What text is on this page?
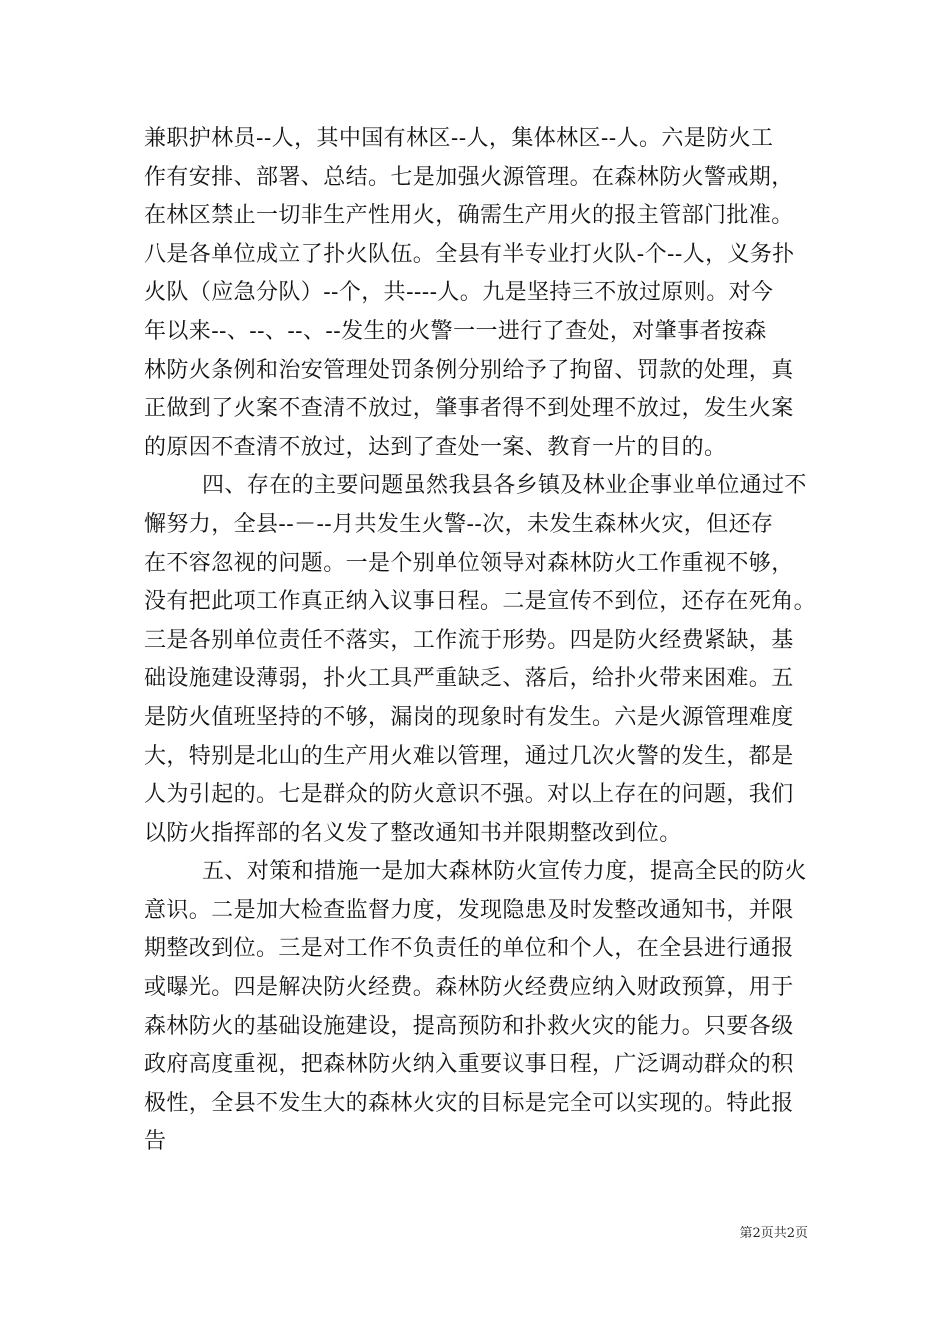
兼职护林员--人，其中国有林区--人，集体林区--人。六是防火工
作有安排、部署、总结。七是加强火源管理。在森林防火警戒期，
在林区禁止一切非生产性用火，确需生产用火的报主管部门批准。
八是各单位成立了扑火队伍。全县有半专业打火队-个--人，义务扑
火队（应急分队）--个，共----人。九是坚持三不放过原则。对今
年以来--、--、--、--发生的火警一一进行了查处，对肇事者按森
林防火条例和治安管理处罚条例分别给予了拘留、罚款的处理，真
正做到了火案不查清不放过，肇事者得不到处理不放过，发生火案
的原因不查清不放过，达到了查处一案、教育一片的目的。
四、存在的主要问题虽然我县各乡镇及林业企事业单位通过不
懈努力，全县--－--月共发生火警--次，未发生森林火灾，但还存
在不容忽视的问题。一是个别单位领导对森林防火工作重视不够，
没有把此项工作真正纳入议事日程。二是宣传不到位，还存在死角。
三是各别单位责任不落实，工作流于形势。四是防火经费紧缺，基
础设施建设薄弱，扑火工具严重缺乏、落后，给扑火带来困难。五
是防火值班坚持的不够，漏岗的现象时有发生。六是火源管理难度
大，特别是北山的生产用火难以管理，通过几次火警的发生，都是
人为引起的。七是群众的防火意识不强。对以上存在的问题，我们
以防火指挥部的名义发了整改通知书并限期整改到位。
五、对策和措施一是加大森林防火宣传力度，提高全民的防火
意识。二是加大检查监督力度，发现隐患及时发整改通知书，并限
期整改到位。三是对工作不负责任的单位和个人，在全县进行通报
或曝光。四是解决防火经费。森林防火经费应纳入财政预算，用于
森林防火的基础设施建设，提高预防和扑救火灾的能力。只要各级
政府高度重视，把森林防火纳入重要议事日程，广泛调动群众的积
极性，全县不发生大的森林火灾的目标是完全可以实现的。特此报
告
第2页共2页
